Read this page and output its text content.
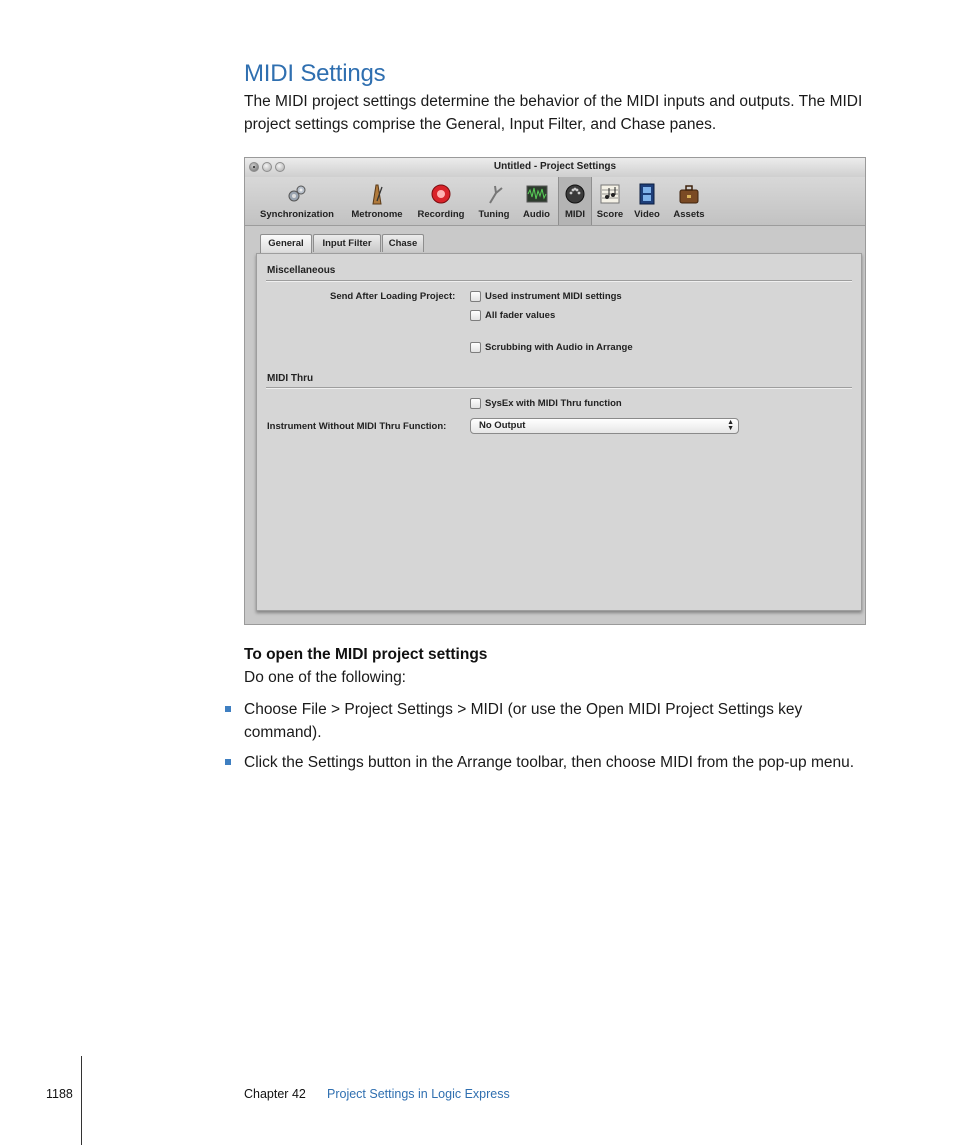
MIDI Settings

The MIDI project settings determine the behavior of the MIDI inputs and outputs. The MIDI project settings comprise the General, Input Filter, and Chase panes.

Untitled - Project Settings
Synchronization	Metronome	Recording	Tuning	Audio	MIDI	Score	Video	Assets
General	Input Filter	Chase
Miscellaneous
Send After Loading Project:	Used instrument MIDI settings
All fader values
Scrubbing with Audio in Arrange
MIDI Thru
SysEx with MIDI Thru function
Instrument Without MIDI Thru Function:	No Output	▲
▼
To open the MIDI project settings

Do one of the following:

Choose File > Project Settings > MIDI (or use the Open MIDI Project Settings key command).

Click the Settings button in the Arrange toolbar, then choose MIDI from the pop-up menu.

1188	Chapter 42 Project Settings in Logic Express
